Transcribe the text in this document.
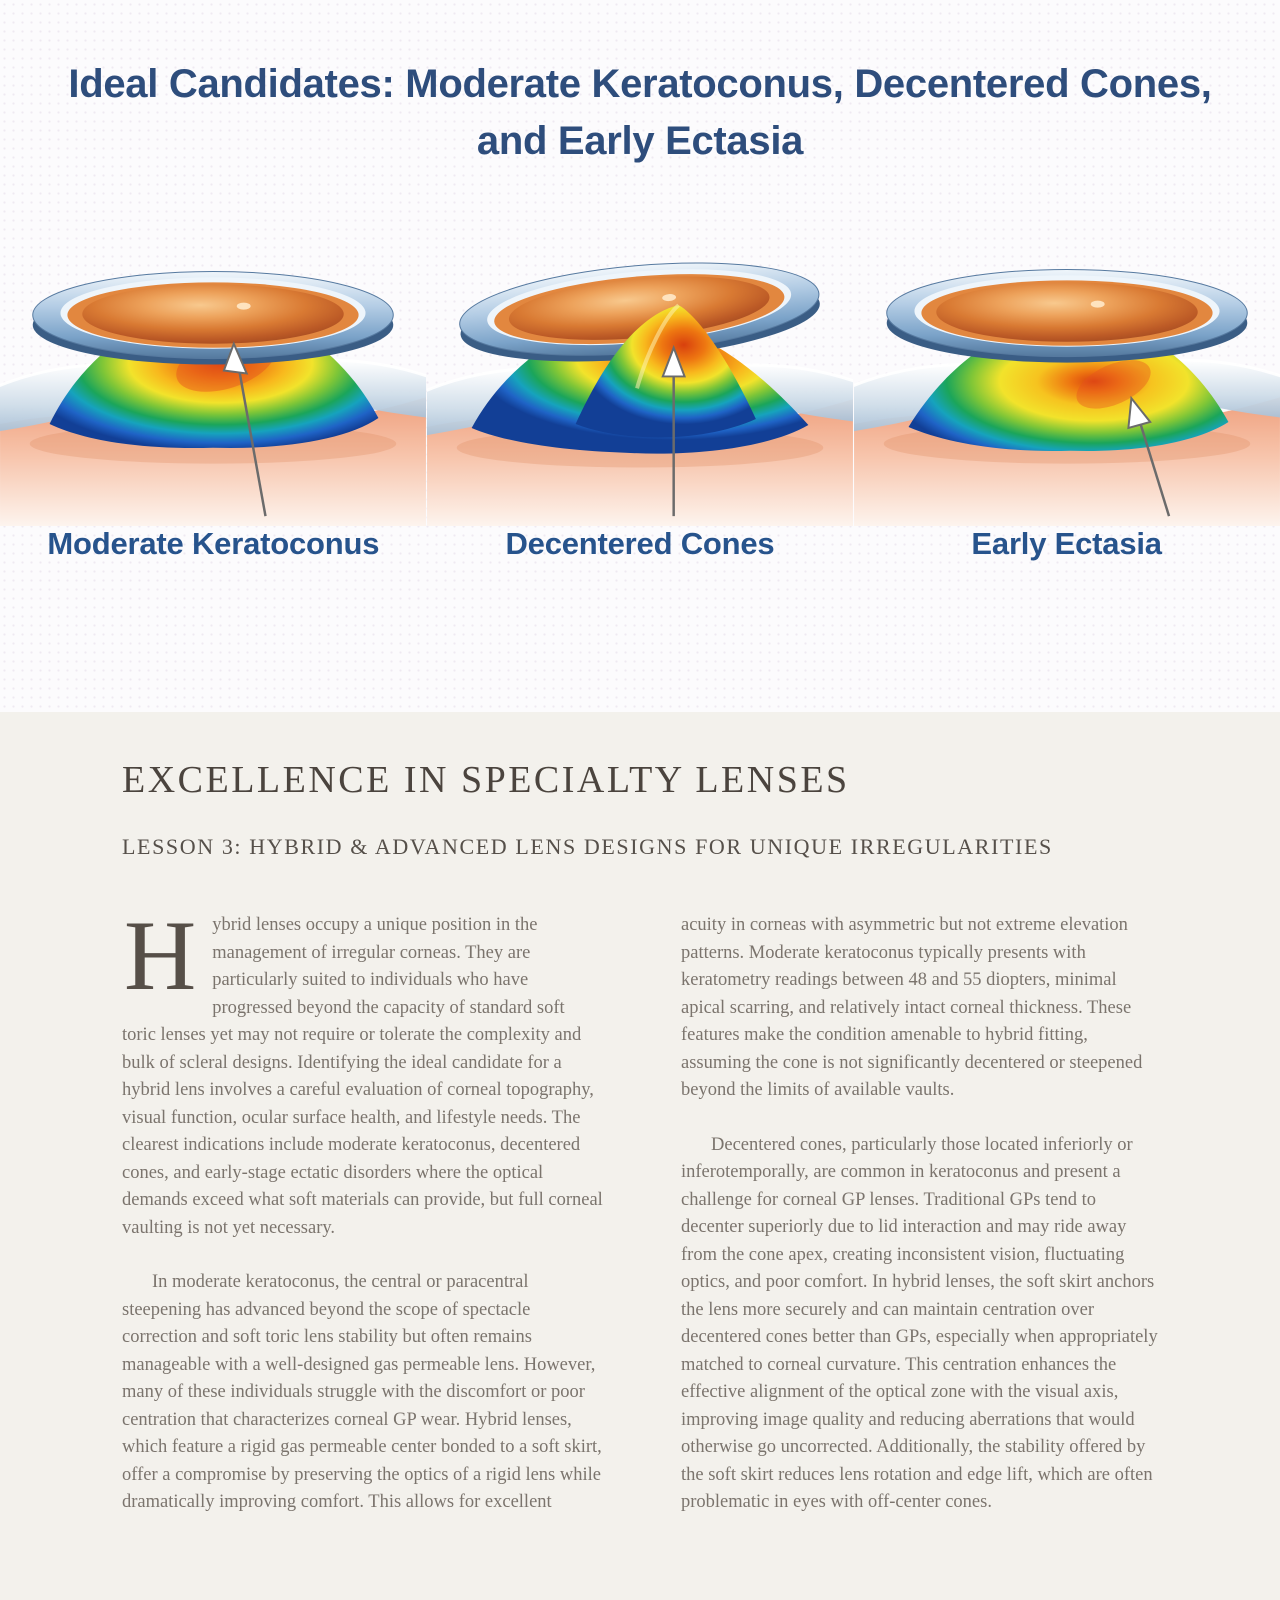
Ideal Candidates: Moderate Keratoconus, Decentered Cones, and Early Ectasia
Moderate Keratoconus	Decentered Cones	Early Ectasia
EXCELLENCE IN SPECIALTY LENSES
LESSON 3: HYBRID & ADVANCED LENS DESIGNS FOR UNIQUE IRREGULARITIES

Hybrid lenses occupy a unique position in the management of irregular corneas. They are particularly suited to individuals who have progressed beyond the capacity of standard soft toric lenses yet may not require or tolerate the complexity and bulk of scleral designs. Identifying the ideal candidate for a hybrid lens involves a careful evaluation of corneal topography, visual function, ocular surface health, and lifestyle needs. The clearest indications include moderate keratoconus, decentered cones, and early-stage ectatic disorders where the optical demands exceed what soft materials can provide, but full corneal vaulting is not yet necessary.

In moderate keratoconus, the central or paracentral steepening has advanced beyond the scope of spectacle correction and soft toric lens stability but often remains manageable with a well-designed gas permeable lens. However, many of these individuals struggle with the discomfort or poor centration that characterizes corneal GP wear. Hybrid lenses, which feature a rigid gas permeable center bonded to a soft skirt, offer a compromise by preserving the optics of a rigid lens while dramatically improving comfort. This allows for excellent

acuity in corneas with asymmetric but not extreme elevation patterns. Moderate keratoconus typically presents with keratometry readings between 48 and 55 diopters, minimal apical scarring, and relatively intact corneal thickness. These features make the condition amenable to hybrid fitting, assuming the cone is not significantly decentered or steepened beyond the limits of available vaults.

Decentered cones, particularly those located inferiorly or inferotemporally, are common in keratoconus and present a challenge for corneal GP lenses. Traditional GPs tend to decenter superiorly due to lid interaction and may ride away from the cone apex, creating inconsistent vision, fluctuating optics, and poor comfort. In hybrid lenses, the soft skirt anchors the lens more securely and can maintain centration over decentered cones better than GPs, especially when appropriately matched to corneal curvature. This centration enhances the effective alignment of the optical zone with the visual axis, improving image quality and reducing aberrations that would otherwise go uncorrected. Additionally, the stability offered by the soft skirt reduces lens rotation and edge lift, which are often problematic in eyes with off-center cones.
